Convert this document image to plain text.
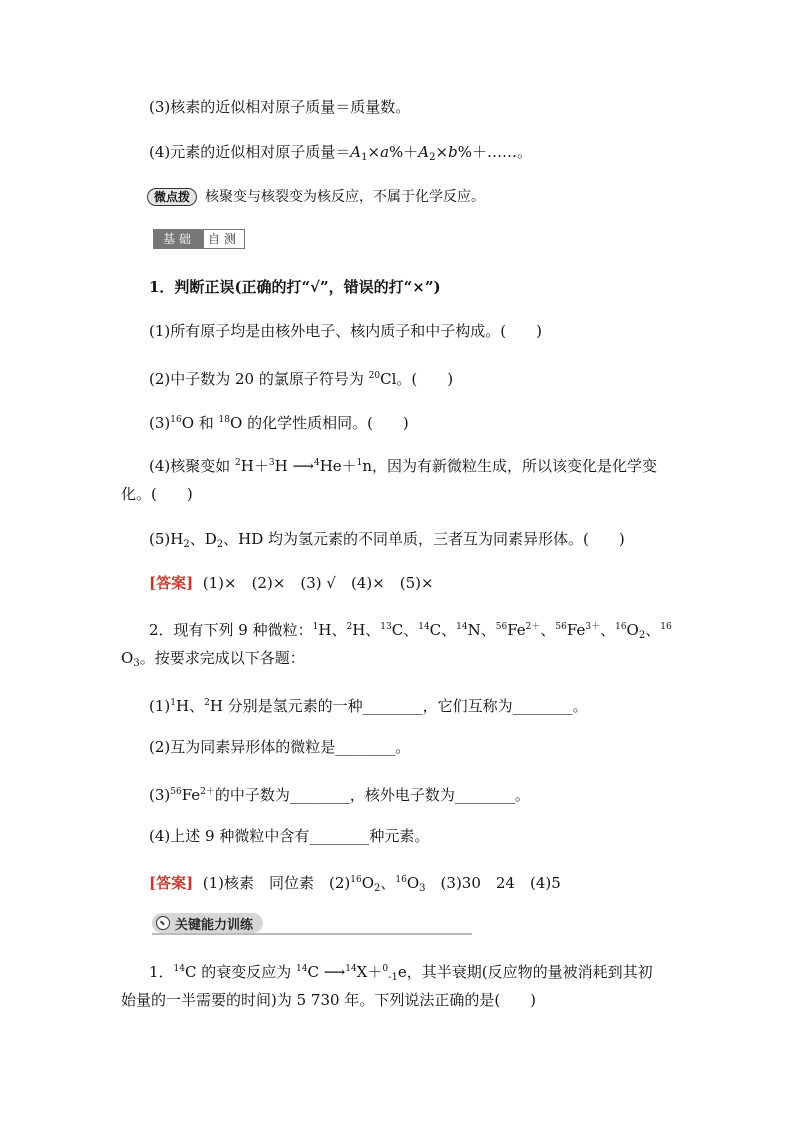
(3)核素的近似相对原子质量＝质量数。
(4)元素的近似相对原子质量$=A_1\times a\%+A_2\times b\%+\dots\dots$。
微点拨 核聚变与核裂变为核反应，不属于化学反应。
基础	自测
1．判断正误(正确的打“√”，错误的打“×”)
(1)所有原子均是由核外电子、核内质子和中子构成。(　　)
(2)中子数为 20 的氯原子符号为 $^{20}$Cl。(　　)
$(3)^{16}O$ 和 $^{18}$O 的化学性质相同。(　　)
(4)核聚变如 $^2$H＋$^3$H ⟶$^4$He＋$^1$n，因为有新微粒生成，所以该变化是化学变
化。(　　)
$(5)H_2$、$D_2$、HD 均为氢元素的不同单质，三者互为同素异形体。(　　)
[答案] (1)×　(2)×　(3) √　(4)×　(5)×
2．现有下列 9 种微粒：$^1$H、$^2$H、$^{13}$C、$^{14}$C、$^{14}$N、$^{56}Fe^{2+}$、$^{56}Fe^{3+}$、$^{16}O_2$、$^{16}$
$O_3$。按要求完成以下各题：
$(1)^1H$、$^2$H 分别是氢元素的一种________，它们互称为________。
(2)互为同素异形体的微粒是________。
$(3)^{56}Fe^{2+}$的中子数为________，核外电子数为________。
(4)上述 9 种微粒中含有________种元素。
[答案] (1)核素　同位素　$(2)^{16}O_2$、$^{16}O_3$　(3)30　24　(4)5
关键能力训练
1．$^{14}$C 的衰变反应为 $^{14}$C ⟶$^{14}$X＋$^0_{-1}$e，其半衰期(反应物的量被消耗到其初
始量的一半需要的时间)为 5 730 年。下列说法正确的是(　　)
